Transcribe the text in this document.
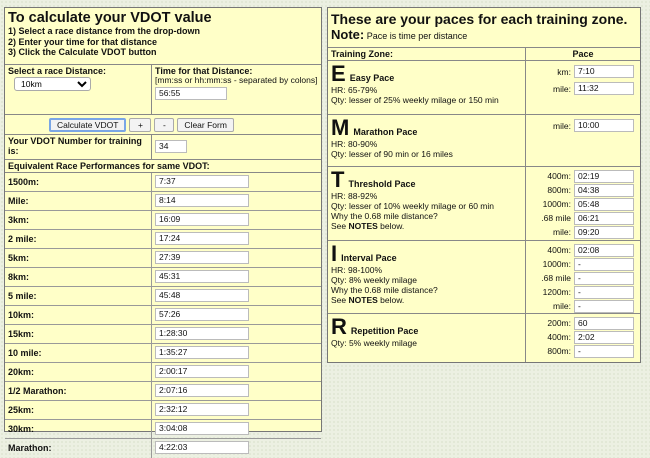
To calculate your VDOT value
1) Select a race distance from the drop-down
2) Enter your time for that distance
3) Click the Calculate VDOT button
Select a race Distance:
10km	Time for that Distance:
[mm:ss or hh:mm:ss - separated by colons]
56:55
Calculate VDOT + - Clear Form
Your VDOT Number for training is:	34
Equivalent Race Performances for same VDOT:
1500m:	7:37
Mile:	8:14
3km:	16:09
2 mile:	17:24
5km:	27:39
8km:	45:31
5 mile:	45:48
10km:	57:26
15km:	1:28:30
10 mile:	1:35:27
20km:	2:00:17
1/2 Marathon:	2:07:16
25km:	2:32:12
30km:	3:04:08
Marathon:	4:22:03
These are your paces for each training zone.
Note: Pace is time per distance
Training Zone:	Pace
E Easy Pace
HR: 65-79%
Qty: lesser of 25% weekly milage or 150 min
km: 7:10
mile: 11:32
M Marathon Pace
HR: 80-90%
Qty: lesser of 90 min or 16 miles
mile: 10:00
T Threshold Pace
HR: 88-92%
Qty: lesser of 10% weekly milage or 60 min
Why the 0.68 mile distance?
See NOTES below.
400m: 02:19
800m: 04:38
1000m: 05:48
.68 mile 06:21
mile: 09:20
I Interval Pace
HR: 98-100%
Qty: 8% weekly milage
Why the 0.68 mile distance?
See NOTES below.
400m: 02:08
1000m: -
.68 mile -
1200m: -
mile: -
R Repetition Pace
Qty: 5% weekly milage
200m: 60
400m: 2:02
800m: -
